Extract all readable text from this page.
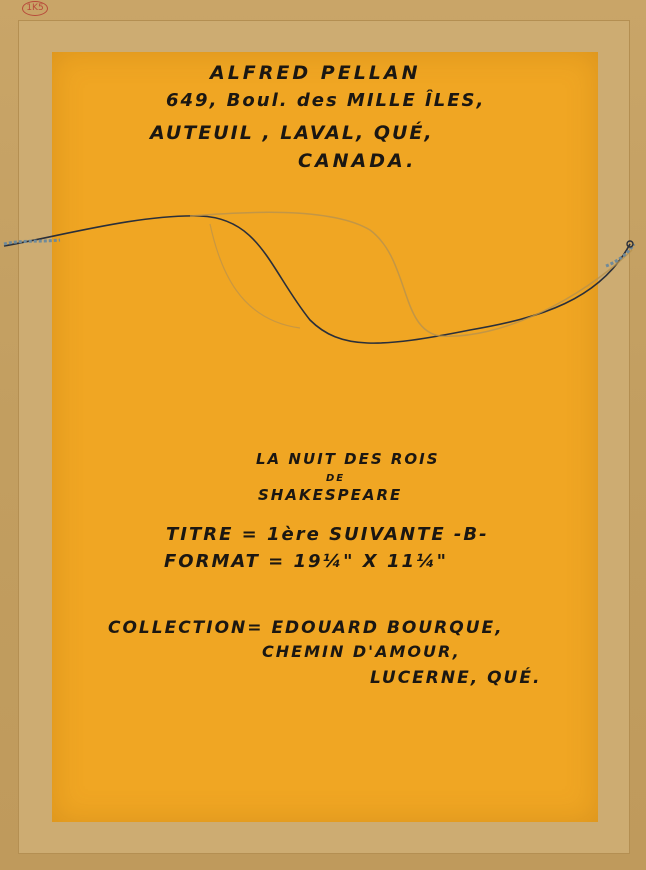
1K5
ALFRED PELLAN
649, Boul. des MILLE ÎLES,
AUTEUIL , LAVAL, QUÉ,
CANADA.
LA NUIT DES ROIS
DE
SHAKESPEARE
TITRE = 1ère SUIVANTE -B-
FORMAT = 19¼" X 11¼"
COLLECTION= EDOUARD BOURQUE,
CHEMIN D'AMOUR,
LUCERNE, QUÉ.
